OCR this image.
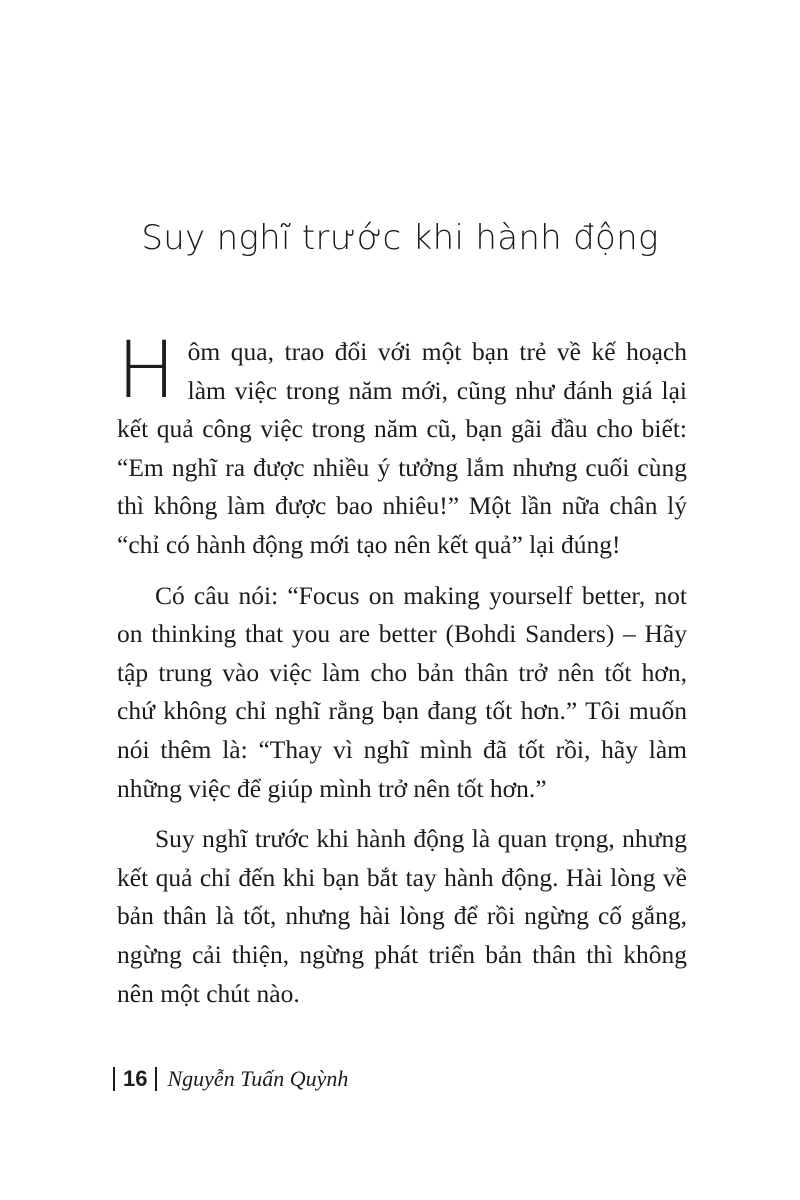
Suy nghĩ trước khi hành động

Hôm qua, trao đổi với một bạn trẻ về kế hoạch làm việc trong năm mới, cũng như đánh giá lại kết quả công việc trong năm cũ, bạn gãi đầu cho biết: “Em nghĩ ra được nhiều ý tưởng lắm nhưng cuối cùng thì không làm được bao nhiêu!” Một lần nữa chân lý “chỉ có hành động mới tạo nên kết quả” lại đúng!

Có câu nói: “Focus on making yourself better, not on thinking that you are better (Bohdi Sanders) – Hãy tập trung vào việc làm cho bản thân trở nên tốt hơn, chứ không chỉ nghĩ rằng bạn đang tốt hơn.” Tôi muốn nói thêm là: “Thay vì nghĩ mình đã tốt rồi, hãy làm những việc để giúp mình trở nên tốt hơn.”

Suy nghĩ trước khi hành động là quan trọng, nhưng kết quả chỉ đến khi bạn bắt tay hành động. Hài lòng về bản thân là tốt, nhưng hài lòng để rồi ngừng cố gắng, ngừng cải thiện, ngừng phát triển bản thân thì không nên một chút nào.

16 Nguyễn Tuấn Quỳnh
